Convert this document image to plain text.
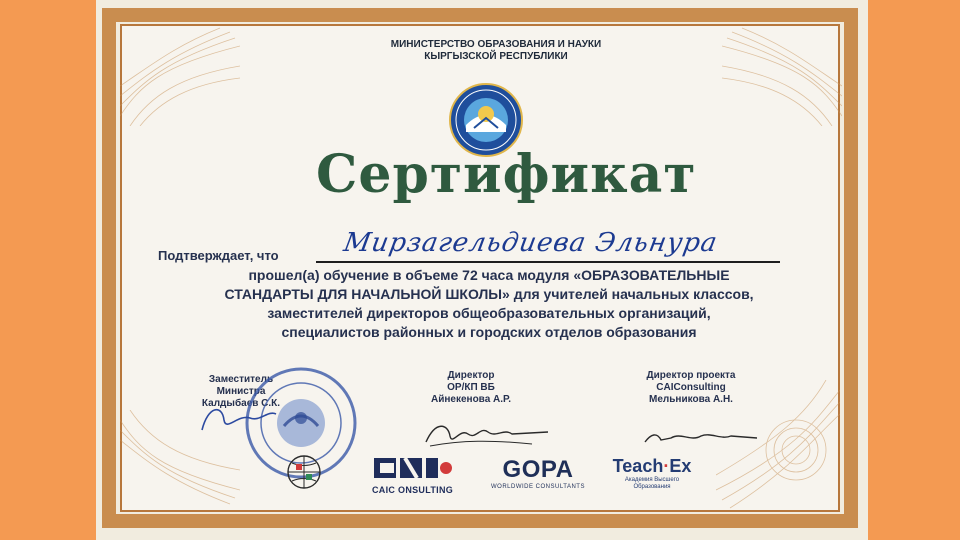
МИНИСТЕРСТВО ОБРАЗОВАНИЯ И НАУКИ
КЫРГЫЗСКОЙ РЕСПУБЛИКИ
Сертификат
Подтверждает, что Мирзагельдиева Эльнура
прошел(а) обучение в объеме 72 часа модуля «ОБРАЗОВАТЕЛЬНЫЕ
СТАНДАРТЫ ДЛЯ НАЧАЛЬНОЙ ШКОЛЫ» для учителей начальных классов,
заместителей директоров общеобразовательных организаций,
специалистов районных и городских отделов образования
Заместитель
Министра
Калдыбаев С.К.
Директор
ОР/КП ВБ
Айнекенова А.Р.
Директор проекта
CAIConsulting
Мельникова А.Н.
CAIC ONSULTING
GOPA
WORLDWIDE CONSULTANTS
Teach·Ex
Академия Высшего
Образования
